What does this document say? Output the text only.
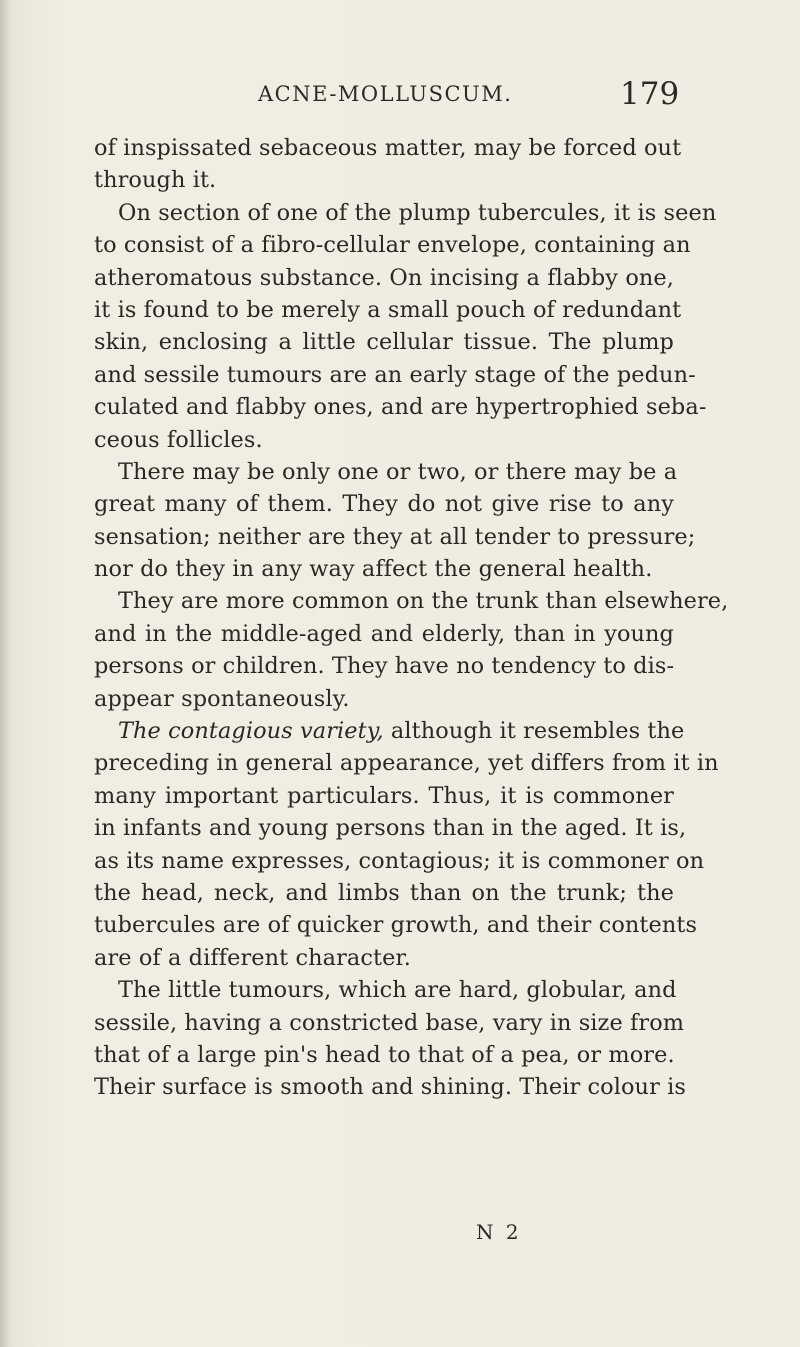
ACNE-MOLLUSCUM.	179
of inspissated sebaceous matter, may be forced out
through it.
On section of one of the plump tubercules, it is seen
to consist of a fibro-cellular envelope, containing an
atheromatous substance. On incising a flabby one,
it is found to be merely a small pouch of redundant
skin, enclosing a little cellular tissue. The plump
and sessile tumours are an early stage of the pedun-
culated and flabby ones, and are hypertrophied seba-
ceous follicles.
There may be only one or two, or there may be a
great many of them. They do not give rise to any
sensation; neither are they at all tender to pressure;
nor do they in any way affect the general health.
They are more common on the trunk than elsewhere,
and in the middle-aged and elderly, than in young
persons or children. They have no tendency to dis-
appear spontaneously.
The contagious variety, although it resembles the
preceding in general appearance, yet differs from it in
many important particulars. Thus, it is commoner
in infants and young persons than in the aged. It is,
as its name expresses, contagious; it is commoner on
the head, neck, and limbs than on the trunk; the
tubercules are of quicker growth, and their contents
are of a different character.
The little tumours, which are hard, globular, and
sessile, having a constricted base, vary in size from
that of a large pin's head to that of a pea, or more.
Their surface is smooth and shining. Their colour is
N 2
